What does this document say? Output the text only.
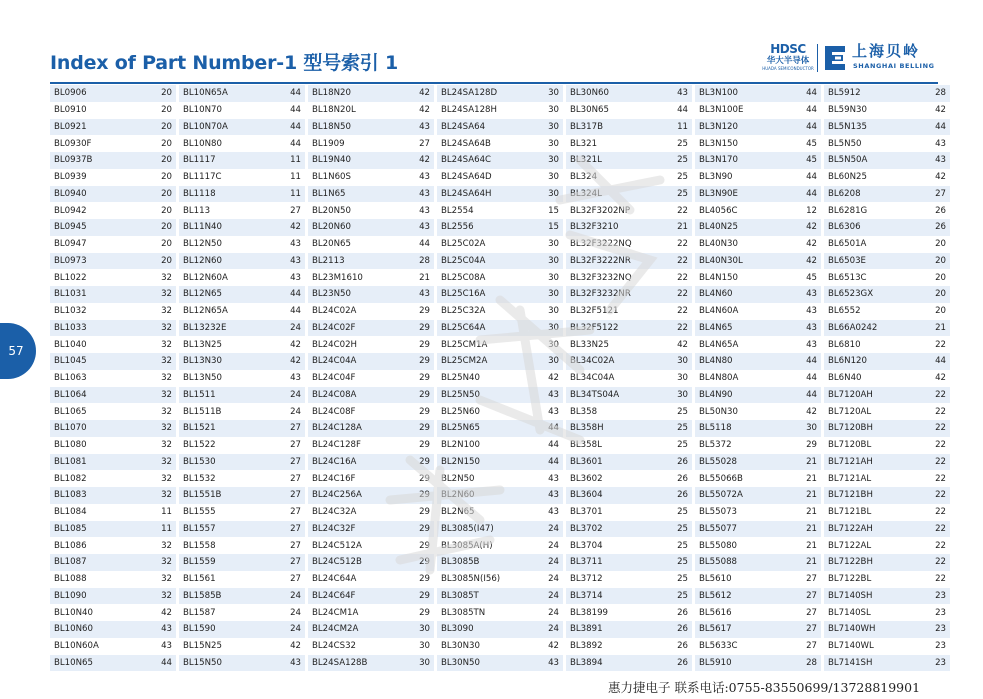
Index of Part Number-1 型号索引 1
HDSC
华大半导体
HUADA SEMICONDUCTOR
上海贝岭
SHANGHAI BELLING
57
BL0906	20
BL0910	20
BL0921	20
BL0930F	20
BL0937B	20
BL0939	20
BL0940	20
BL0942	20
BL0945	20
BL0947	20
BL0973	20
BL1022	32
BL1031	32
BL1032	32
BL1033	32
BL1040	32
BL1045	32
BL1063	32
BL1064	32
BL1065	32
BL1070	32
BL1080	32
BL1081	32
BL1082	32
BL1083	32
BL1084	11
BL1085	11
BL1086	32
BL1087	32
BL1088	32
BL1090	32
BL10N40	42
BL10N60	43
BL10N60A	43
BL10N65	44
BL10N65A	44
BL10N70	44
BL10N70A	44
BL10N80	44
BL1117	11
BL1117C	11
BL1118	11
BL113	27
BL11N40	42
BL12N50	43
BL12N60	43
BL12N60A	43
BL12N65	44
BL12N65A	44
BL13232E	24
BL13N25	42
BL13N30	42
BL13N50	43
BL1511	24
BL1511B	24
BL1521	27
BL1522	27
BL1530	27
BL1532	27
BL1551B	27
BL1555	27
BL1557	27
BL1558	27
BL1559	27
BL1561	27
BL1585B	24
BL1587	24
BL1590	24
BL15N25	42
BL15N50	43
BL18N20	42
BL18N20L	42
BL18N50	43
BL1909	27
BL19N40	42
BL1N60S	43
BL1N65	43
BL20N50	43
BL20N60	43
BL20N65	44
BL2113	28
BL23M1610	21
BL23N50	43
BL24C02A	29
BL24C02F	29
BL24C02H	29
BL24C04A	29
BL24C04F	29
BL24C08A	29
BL24C08F	29
BL24C128A	29
BL24C128F	29
BL24C16A	29
BL24C16F	29
BL24C256A	29
BL24C32A	29
BL24C32F	29
BL24C512A	29
BL24C512B	29
BL24C64A	29
BL24C64F	29
BL24CM1A	29
BL24CM2A	30
BL24CS32	30
BL24SA128B	30
BL24SA128D	30
BL24SA128H	30
BL24SA64	30
BL24SA64B	30
BL24SA64C	30
BL24SA64D	30
BL24SA64H	30
BL2554	15
BL2556	15
BL25C02A	30
BL25C04A	30
BL25C08A	30
BL25C16A	30
BL25C32A	30
BL25C64A	30
BL25CM1A	30
BL25CM2A	30
BL25N40	42
BL25N50	43
BL25N60	43
BL25N65	44
BL2N100	44
BL2N150	44
BL2N50	43
BL2N60	43
BL2N65	43
BL3085(I47)	24
BL3085A(H)	24
BL3085B	24
BL3085N(I56)	24
BL3085T	24
BL3085TN	24
BL3090	24
BL30N30	42
BL30N50	43
BL30N60	43
BL30N65	44
BL317B	11
BL321	25
BL321L	25
BL324	25
BL324L	25
BL32F3202NP	22
BL32F3210	21
BL32F3222NQ	22
BL32F3222NR	22
BL32F3232NQ	22
BL32F3232NR	22
BL32F5121	22
BL32F5122	22
BL33N25	42
BL34C02A	30
BL34C04A	30
BL34TS04A	30
BL358	25
BL358H	25
BL358L	25
BL3601	26
BL3602	26
BL3604	26
BL3701	25
BL3702	25
BL3704	25
BL3711	25
BL3712	25
BL3714	25
BL38199	26
BL3891	26
BL3892	26
BL3894	26
BL3N100	44
BL3N100E	44
BL3N120	44
BL3N150	45
BL3N170	45
BL3N90	44
BL3N90E	44
BL4056C	12
BL40N25	42
BL40N30	42
BL40N30L	42
BL4N150	45
BL4N60	43
BL4N60A	43
BL4N65	43
BL4N65A	43
BL4N80	44
BL4N80A	44
BL4N90	44
BL50N30	42
BL5118	30
BL5372	29
BL55028	21
BL55066B	21
BL55072A	21
BL55073	21
BL55077	21
BL55080	21
BL55088	21
BL5610	27
BL5612	27
BL5616	27
BL5617	27
BL5633C	27
BL5910	28
BL5912	28
BL59N30	42
BL5N135	44
BL5N50	43
BL5N50A	43
BL60N25	42
BL6208	27
BL6281G	26
BL6306	26
BL6501A	20
BL6503E	20
BL6513C	20
BL6523GX	20
BL6552	20
BL66A0242	21
BL6810	22
BL6N120	44
BL6N40	42
BL7120AH	22
BL7120AL	22
BL7120BH	22
BL7120BL	22
BL7121AH	22
BL7121AL	22
BL7121BH	22
BL7121BL	22
BL7122AH	22
BL7122AL	22
BL7122BH	22
BL7122BL	22
BL7140SH	23
BL7140SL	23
BL7140WH	23
BL7140WL	23
BL7141SH	23
惠力捷电子 联系电话:0755-83550699/13728819901
